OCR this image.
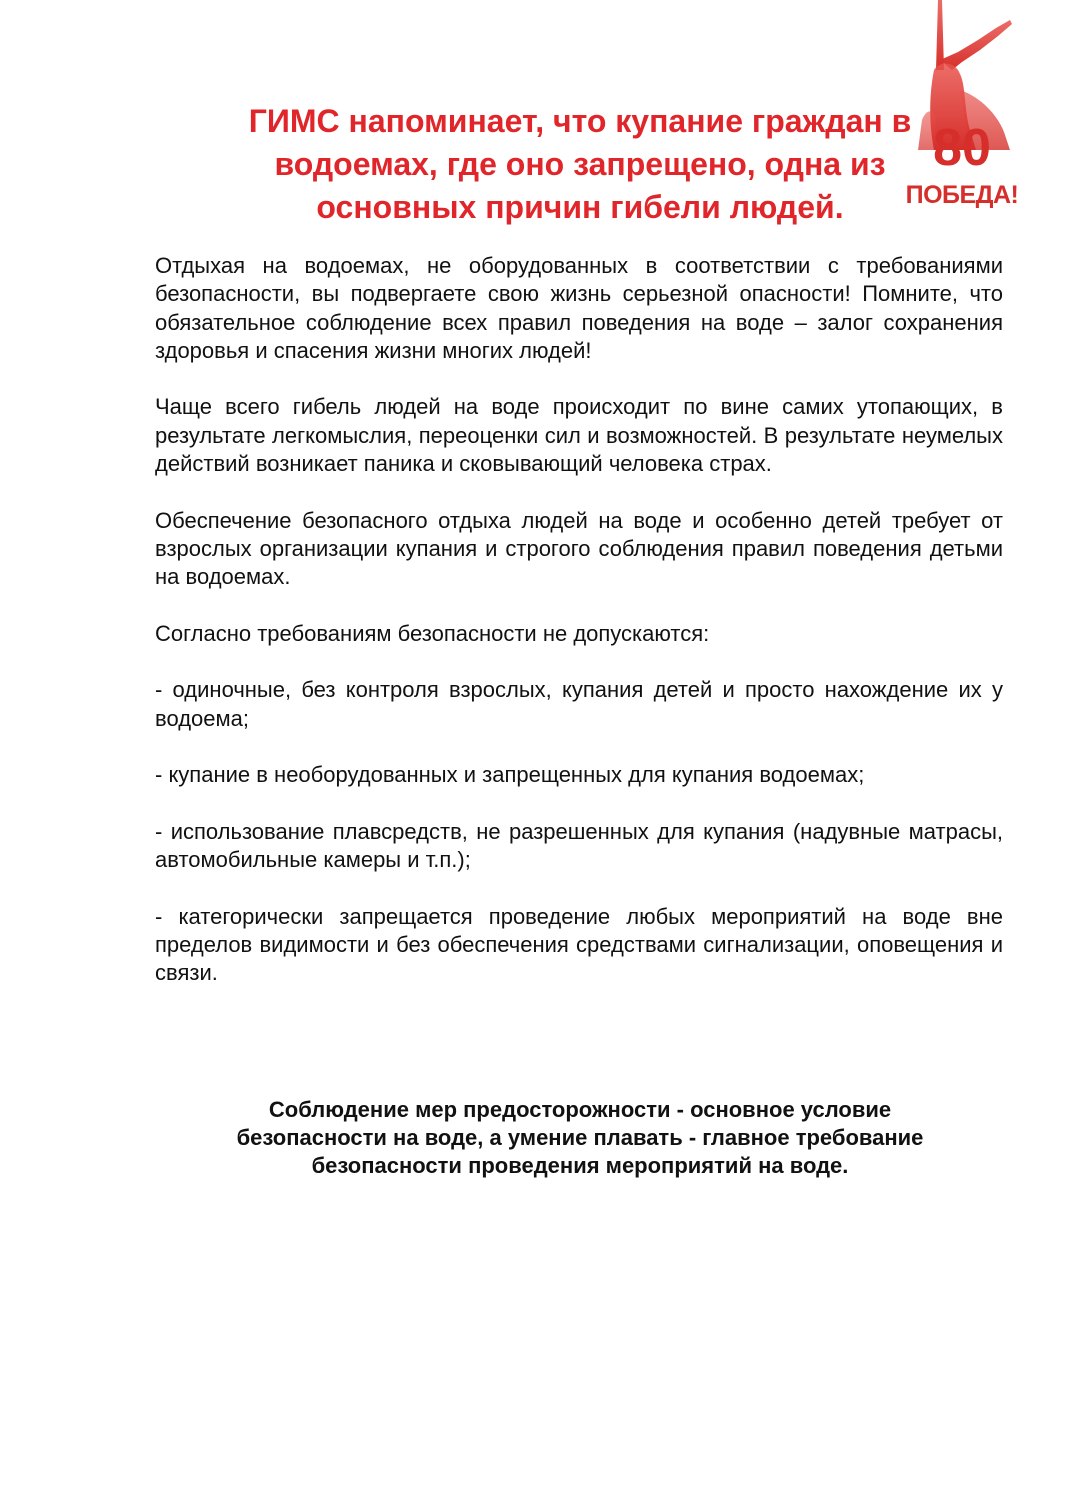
ГИМС напоминает, что купание граждан в
водоемах, где оно запрещено, одна из
основных причин гибели людей.
80
ПОБЕДА!

Отдыхая на водоемах, не оборудованных в соответствии с требованиями безопасности, вы подвергаете свою жизнь серьезной опасности! Помните, что обязательное соблюдение всех правил поведения на воде – залог сохранения здоровья и спасения жизни многих людей!

Чаще всего гибель людей на воде происходит по вине самих утопающих, в результате легкомыслия, переоценки сил и возможностей. В результате неумелых действий возникает паника и сковывающий человека страх.

Обеспечение безопасного отдыха людей на воде и особенно детей требует от взрослых организации купания и строгого соблюдения правил поведения детьми на водоемах.

Согласно требованиям безопасности не допускаются:

- одиночные, без контроля взрослых, купания детей и просто нахождение их у водоема;

- купание в необорудованных и запрещенных для купания водоемах;

- использование плавсредств, не разрешенных для купания (надувные матрасы, автомобильные камеры и т.п.);

- категорически запрещается проведение любых мероприятий на воде вне пределов видимости и без обеспечения средствами сигнализации, оповещения и связи.

Соблюдение мер предосторожности - основное условие
безопасности на воде, а умение плавать - главное требование
безопасности проведения мероприятий на воде.
